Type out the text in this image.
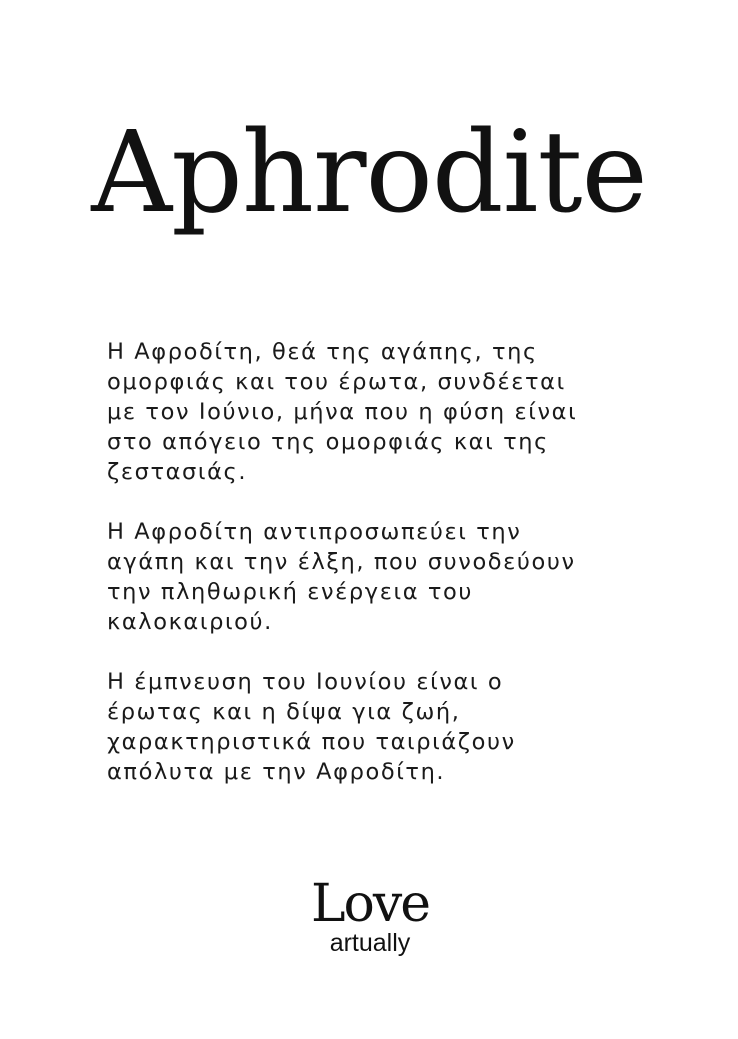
Aphrodite

Η Αφροδίτη, θεά της αγάπης, της
ομορφιάς και του έρωτα, συνδέεται
με τον Ιούνιο, μήνα που η φύση είναι
στο απόγειο της ομορφιάς και της
ζεστασιάς.

Η Αφροδίτη αντιπροσωπεύει την
αγάπη και την έλξη, που συνοδεύουν
την πληθωρική ενέργεια του
καλοκαιριού.

Η έμπνευση του Ιουνίου είναι ο
έρωτας και η δίψα για ζωή,
χαρακτηριστικά που ταιριάζουν
απόλυτα με την Αφροδίτη.

Love
artually
